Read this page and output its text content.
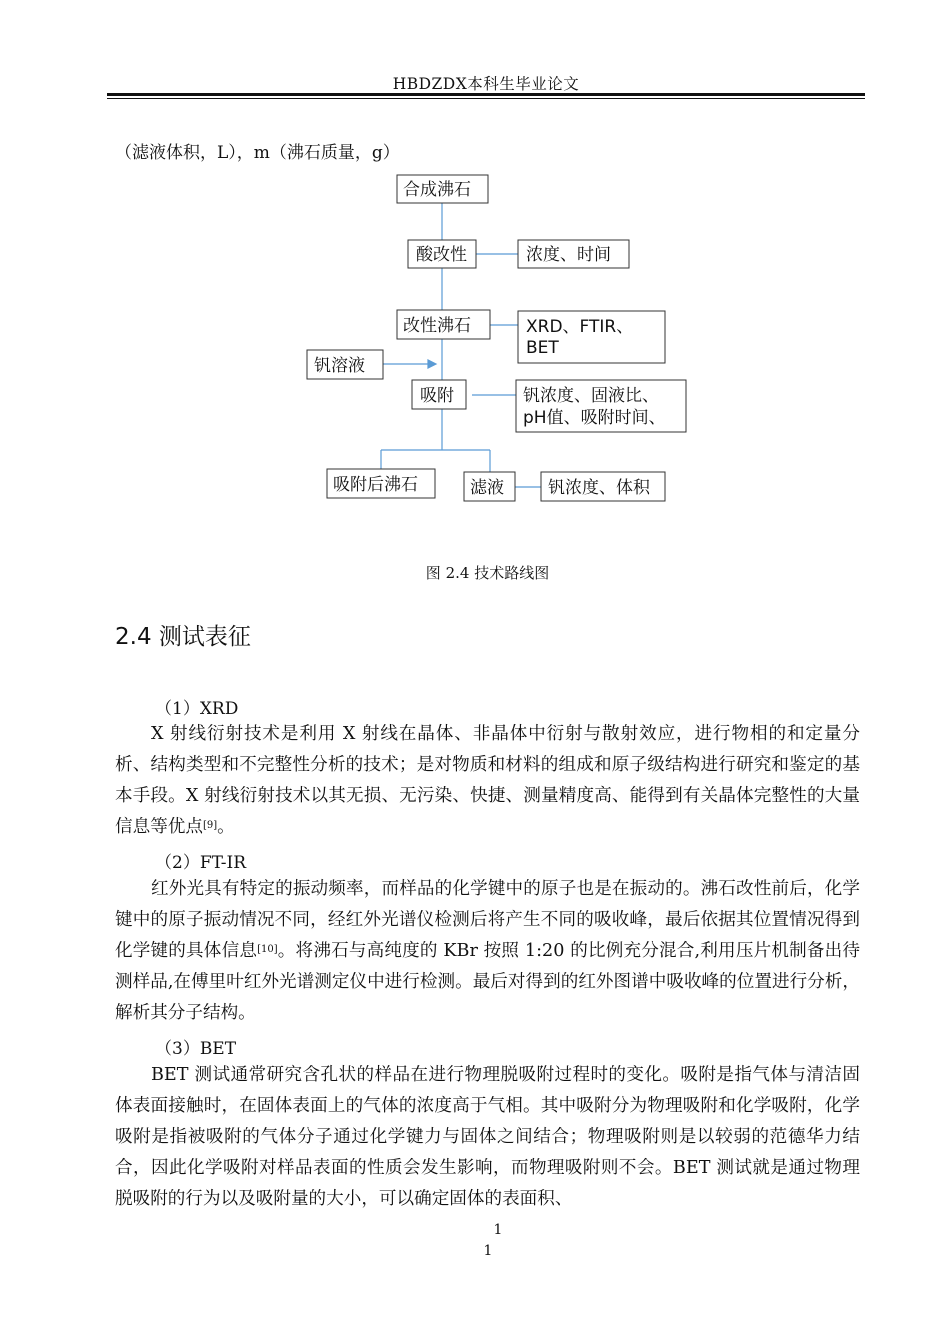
HBDZDX本科生毕业论文
（滤液体积，L），m（沸石质量，g）
合成沸石
酸改性	浓度、时间
改性沸石	XRD、FTIR、
BET
钒溶液
吸附	钒浓度、固液比、
pH值、吸附时间、
吸附后沸石	滤液	钒浓度、体积
图 2.4 技术路线图
2.4 测试表征
（1）XRD

X 射线衍射技术是利用 X 射线在晶体、非晶体中衍射与散射效应，进行物相的和定量分析、结构类型和不完整性分析的技术；是对物质和材料的组成和原子级结构进行研究和鉴定的基本手段。X 射线衍射技术以其无损、无污染、快捷、测量精度高、能得到有关晶体完整性的大量信息等优点[9]。

（2）FT-IR

红外光具有特定的振动频率，而样品的化学键中的原子也是在振动的。沸石改性前后，化学键中的原子振动情况不同，经红外光谱仪检测后将产生不同的吸收峰，最后依据其位置情况得到化学键的具体信息[10]。将沸石与高纯度的 KBr 按照 1:20 的比例充分混合,利用压片机制备出待测样品,在傅里叶红外光谱测定仪中进行检测。最后对得到的红外图谱中吸收峰的位置进行分析，解析其分子结构。

（3）BET

BET 测试通常研究含孔状的样品在进行物理脱吸附过程时的变化。吸附是指气体与清洁固体表面接触时，在固体表面上的气体的浓度高于气相。其中吸附分为物理吸附和化学吸附，化学吸附是指被吸附的气体分子通过化学键力与固体之间结合；物理吸附则是以较弱的范德华力结合，因此化学吸附对样品表面的性质会发生影响，而物理吸附则不会。BET 测试就是通过物理脱吸附的行为以及吸附量的大小，可以确定固体的表面积、

1
1
